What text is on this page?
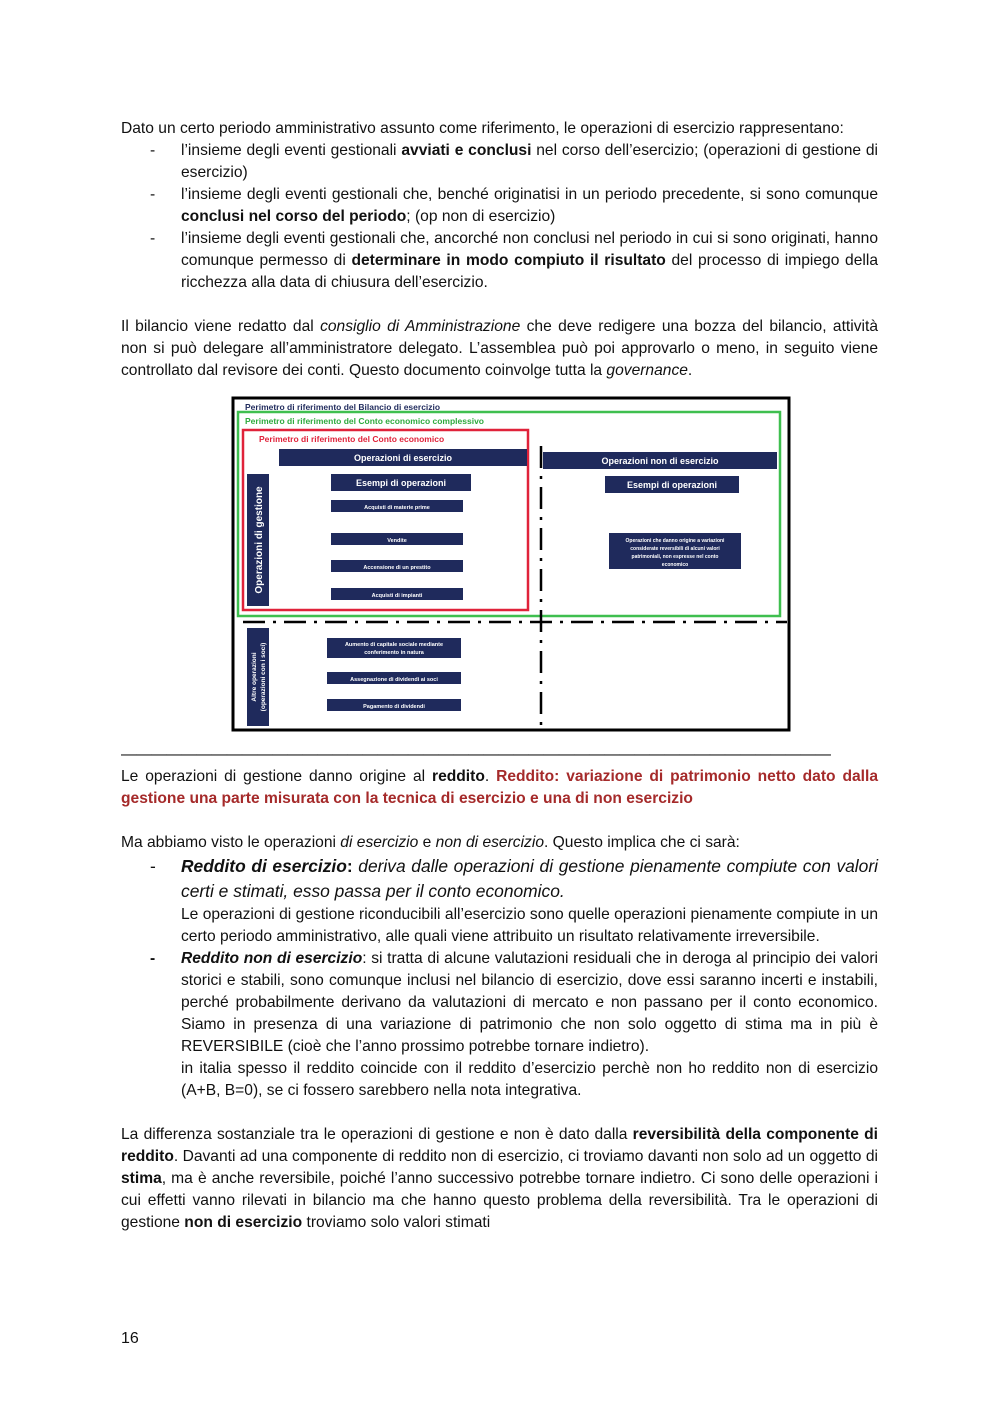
Dato un certo periodo amministrativo assunto come riferimento, le operazioni di esercizio rappresentano:

- l’insieme degli eventi gestionali avviati e conclusi nel corso dell’esercizio; (operazioni di gestione di esercizio)
- l’insieme degli eventi gestionali che, benché originatisi in un periodo precedente, si sono comunque conclusi nel corso del periodo; (op non di esercizio)
- l’insieme degli eventi gestionali che, ancorché non conclusi nel periodo in cui si sono originati, hanno comunque permesso di determinare in modo compiuto il risultato del processo di impiego della ricchezza alla data di chiusura dell’esercizio.

Il bilancio viene redatto dal consiglio di Amministrazione che deve redigere una bozza del bilancio, attività non si può delegare all’amministratore delegato. L’assemblea può poi approvarlo o meno, in seguito viene controllato dal revisore dei conti. Questo documento coinvolge tutta la governance.

Perimetro di riferimento del Bilancio di esercizio
Perimetro di riferimento del Conto economico complessivo
Perimetro di riferimento del Conto economico
Operazioni di esercizio	Operazioni non di esercizio
Esempi di operazioni	Esempi di operazioni
Operazioni di gestione
Altre operazioni (operazioni con i soci)
Acquisti di materie prime
Vendite
Accensione di un prestito
Acquisti di impianti
Operazioni che danno origine a variazioni
considerate reversibili di alcuni valori
patrimoniali, non espresse nel conto
economico
Aumento di capitale sociale mediante
conferimento in natura
Assegnazione di dividendi ai soci
Pagamento di dividendi
———————————————————————————————————————————————

Le operazioni di gestione danno origine al reddito. Reddito: variazione di patrimonio netto dato dalla gestione una parte misurata con la tecnica di esercizio e una di non esercizio

Ma abbiamo visto le operazioni di esercizio e non di esercizio. Questo implica che ci sarà:

- Reddito di esercizio: deriva dalle operazioni di gestione pienamente compiute con valori certi e stimati, esso passa per il conto economico.
Le operazioni di gestione riconducibili all’esercizio sono quelle operazioni pienamente compiute in un certo periodo amministrativo, alle quali viene attribuito un risultato relativamente irreversibile.
- Reddito non di esercizio: si tratta di alcune valutazioni residuali che in deroga al principio dei valori storici e stabili, sono comunque inclusi nel bilancio di esercizio, dove essi saranno incerti e instabili, perché probabilmente derivano da valutazioni di mercato e non passano per il conto economico. Siamo in presenza di una variazione di patrimonio che non solo oggetto di stima ma in più è REVERSIBILE (cioè che l’anno prossimo potrebbe tornare indietro).
in italia spesso il reddito coincide con il reddito d’esercizio perchè non ho reddito non di esercizio (A+B, B=0), se ci fossero sarebbero nella nota integrativa.

La differenza sostanziale tra le operazioni di gestione e non è dato dalla reversibilità della componente di reddito. Davanti ad una componente di reddito non di esercizio, ci troviamo davanti non solo ad un oggetto di stima, ma è anche reversibile, poiché l’anno successivo potrebbe tornare indietro. Ci sono delle operazioni i cui effetti vanno rilevati in bilancio ma che hanno questo problema della reversibilità. Tra le operazioni di gestione non di esercizio troviamo solo valori stimati

16
